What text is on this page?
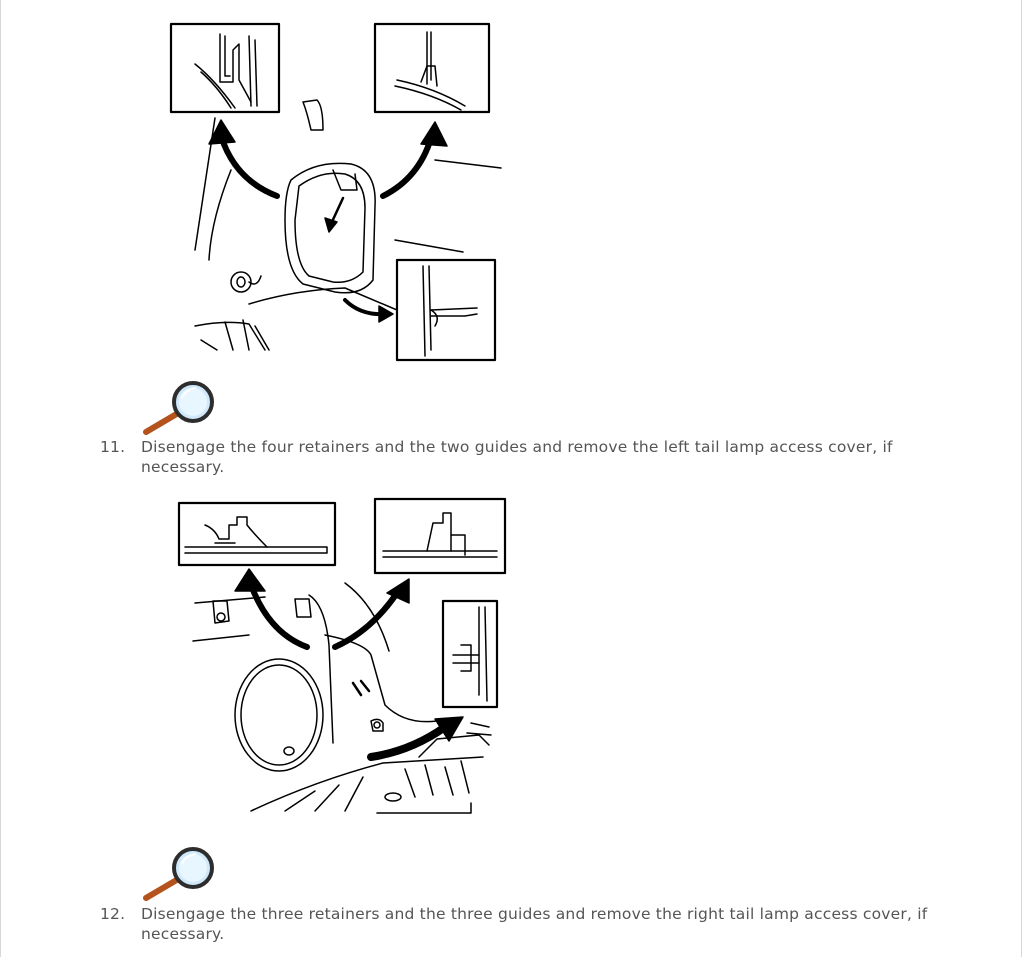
11.	Disengage the four retainers and the two guides and remove the left tail lamp access cover, if necessary.
12.	Disengage the three retainers and the three guides and remove the right tail lamp access cover, if necessary.
